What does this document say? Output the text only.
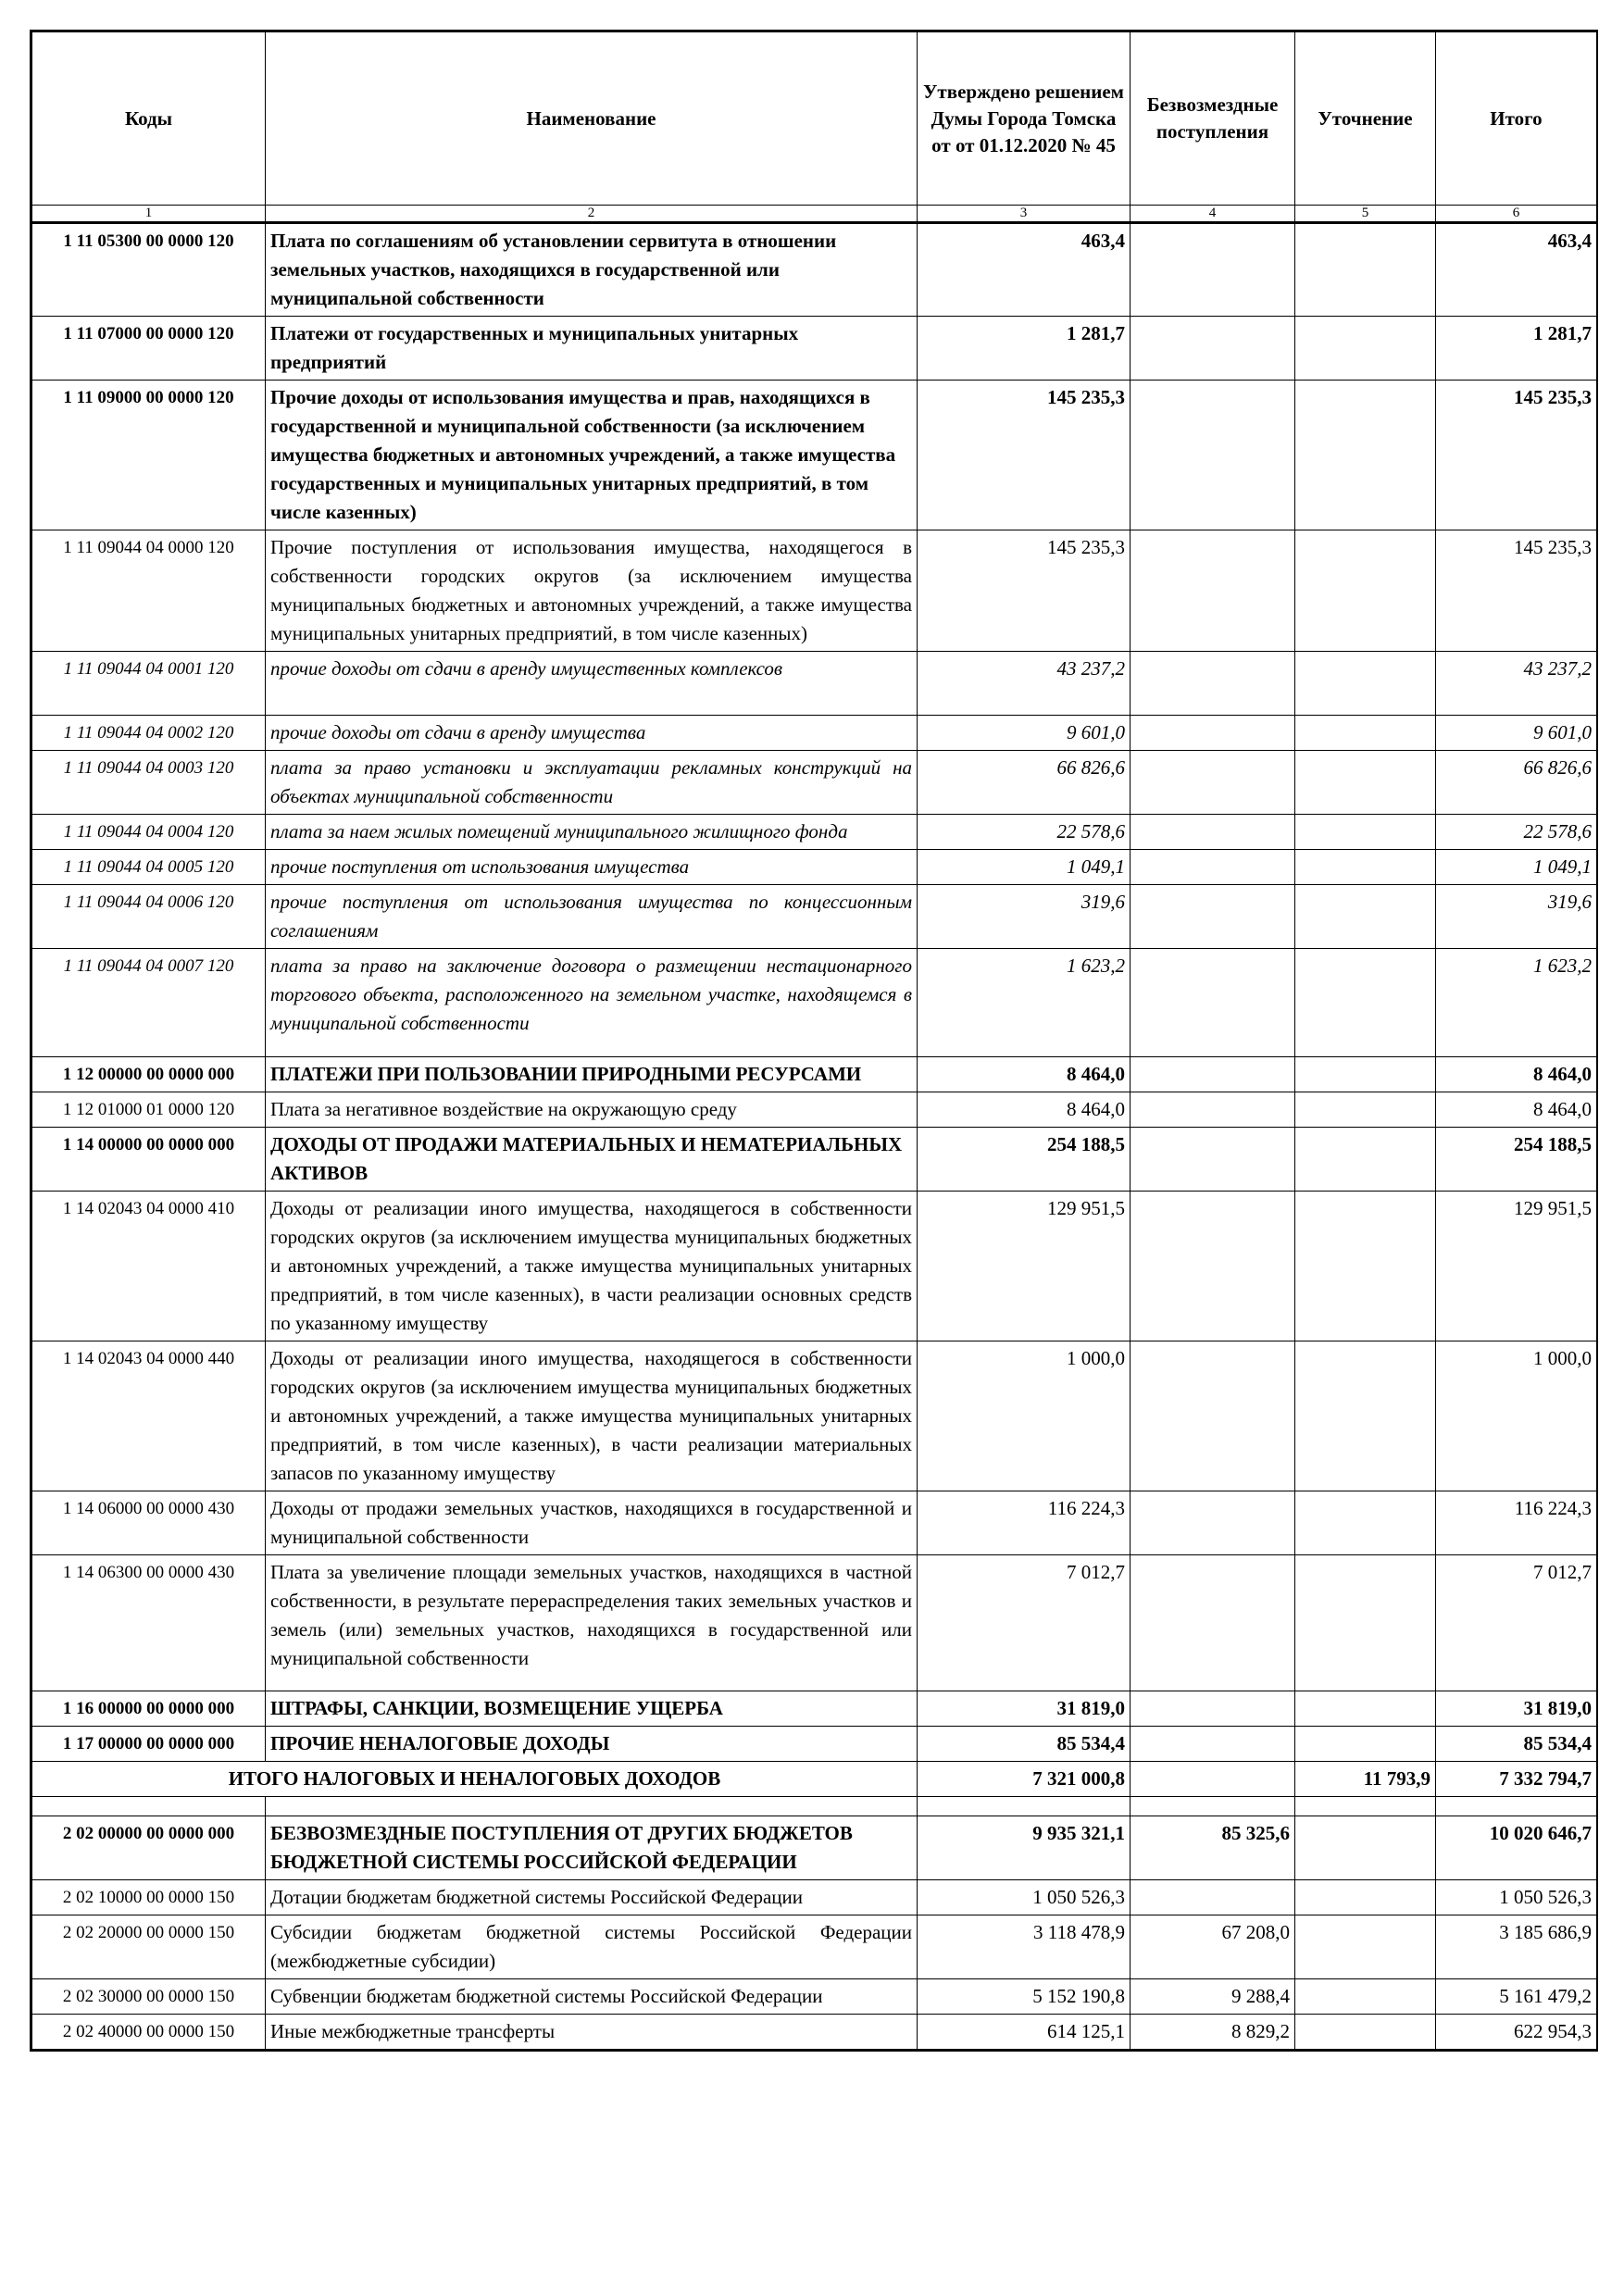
Коды	Наименование	Утверждено решением Думы Города Томска от от 01.12.2020 № 45	Безвозмездные поступления	Уточнение	Итого
1	2	3	4	5	6
1 11 05300 00 0000 120	Плата по соглашениям об установлении сервитута в отношении земельных участков, находящихся в государственной или муниципальной собственности	463,4			463,4
1 11 07000 00 0000 120	Платежи от государственных и муниципальных унитарных предприятий	1 281,7			1 281,7
1 11 09000 00 0000 120	Прочие доходы от использования имущества и прав, находящихся в государственной и муниципальной собственности (за исключением имущества бюджетных и автономных учреждений, а также имущества государственных и муниципальных унитарных предприятий, в том числе казенных)	145 235,3			145 235,3
1 11 09044 04 0000 120	Прочие поступления от использования имущества, находящегося в собственности городских округов (за исключением имущества муниципальных бюджетных и автономных учреждений, а также имущества муниципальных унитарных предприятий, в том числе казенных)	145 235,3			145 235,3
1 11 09044 04 0001 120	прочие доходы от сдачи в аренду имущественных комплексов	43 237,2			43 237,2
1 11 09044 04 0002 120	прочие доходы от сдачи в аренду имущества	9 601,0			9 601,0
1 11 09044 04 0003 120	плата за право установки и эксплуатации рекламных конструкций на объектах муниципальной собственности	66 826,6			66 826,6
1 11 09044 04 0004 120	плата за наем жилых помещений муниципального жилищного фонда	22 578,6			22 578,6
1 11 09044 04 0005 120	прочие поступления от использования имущества	1 049,1			1 049,1
1 11 09044 04 0006 120	прочие поступления от использования имущества по концессионным соглашениям	319,6			319,6
1 11 09044 04 0007 120	плата за право на заключение договора о размещении нестационарного торгового объекта, расположенного на земельном участке, находящемся в муниципальной собственности	1 623,2			1 623,2
1 12 00000 00 0000 000	ПЛАТЕЖИ ПРИ ПОЛЬЗОВАНИИ ПРИРОДНЫМИ РЕСУРСАМИ	8 464,0			8 464,0
1 12 01000 01 0000 120	Плата за негативное воздействие на окружающую среду	8 464,0			8 464,0
1 14 00000 00 0000 000	ДОХОДЫ ОТ ПРОДАЖИ МАТЕРИАЛЬНЫХ И НЕМАТЕРИАЛЬНЫХ АКТИВОВ	254 188,5			254 188,5
1 14 02043 04 0000 410	Доходы от реализации иного имущества, находящегося в собственности городских округов (за исключением имущества муниципальных бюджетных и автономных учреждений, а также имущества муниципальных унитарных предприятий, в том числе казенных), в части реализации основных средств по указанному имуществу	129 951,5			129 951,5
1 14 02043 04 0000 440	Доходы от реализации иного имущества, находящегося в собственности городских округов (за исключением имущества муниципальных бюджетных и автономных учреждений, а также имущества муниципальных унитарных предприятий, в том числе казенных), в части реализации материальных запасов по указанному имуществу	1 000,0			1 000,0
1 14 06000 00 0000 430	Доходы от продажи земельных участков, находящихся в государственной и муниципальной собственности	116 224,3			116 224,3
1 14 06300 00 0000 430	Плата за увеличение площади земельных участков, находящихся в частной собственности, в результате перераспределения таких земельных участков и земель (или) земельных участков, находящихся в государственной или муниципальной собственности	7 012,7			7 012,7
1 16 00000 00 0000 000	ШТРАФЫ, САНКЦИИ, ВОЗМЕЩЕНИЕ УЩЕРБА	31 819,0			31 819,0
1 17 00000 00 0000 000	ПРОЧИЕ НЕНАЛОГОВЫЕ ДОХОДЫ	85 534,4			85 534,4
ИТОГО НАЛОГОВЫХ И НЕНАЛОГОВЫХ ДОХОДОВ		7 321 000,8		11 793,9	7 332 794,7

2 02 00000 00 0000 000	БЕЗВОЗМЕЗДНЫЕ ПОСТУПЛЕНИЯ ОТ ДРУГИХ БЮДЖЕТОВ БЮДЖЕТНОЙ СИСТЕМЫ РОССИЙСКОЙ ФЕДЕРАЦИИ	9 935 321,1	85 325,6		10 020 646,7
2 02 10000 00 0000 150	Дотации бюджетам бюджетной системы Российской Федерации	1 050 526,3			1 050 526,3
2 02 20000 00 0000 150	Субсидии бюджетам бюджетной системы Российской Федерации (межбюджетные субсидии)	3 118 478,9	67 208,0		3 185 686,9
2 02 30000 00 0000 150	Субвенции бюджетам бюджетной системы Российской Федерации	5 152 190,8	9 288,4		5 161 479,2
2 02 40000 00 0000 150	Иные межбюджетные трансферты	614 125,1	8 829,2		622 954,3
